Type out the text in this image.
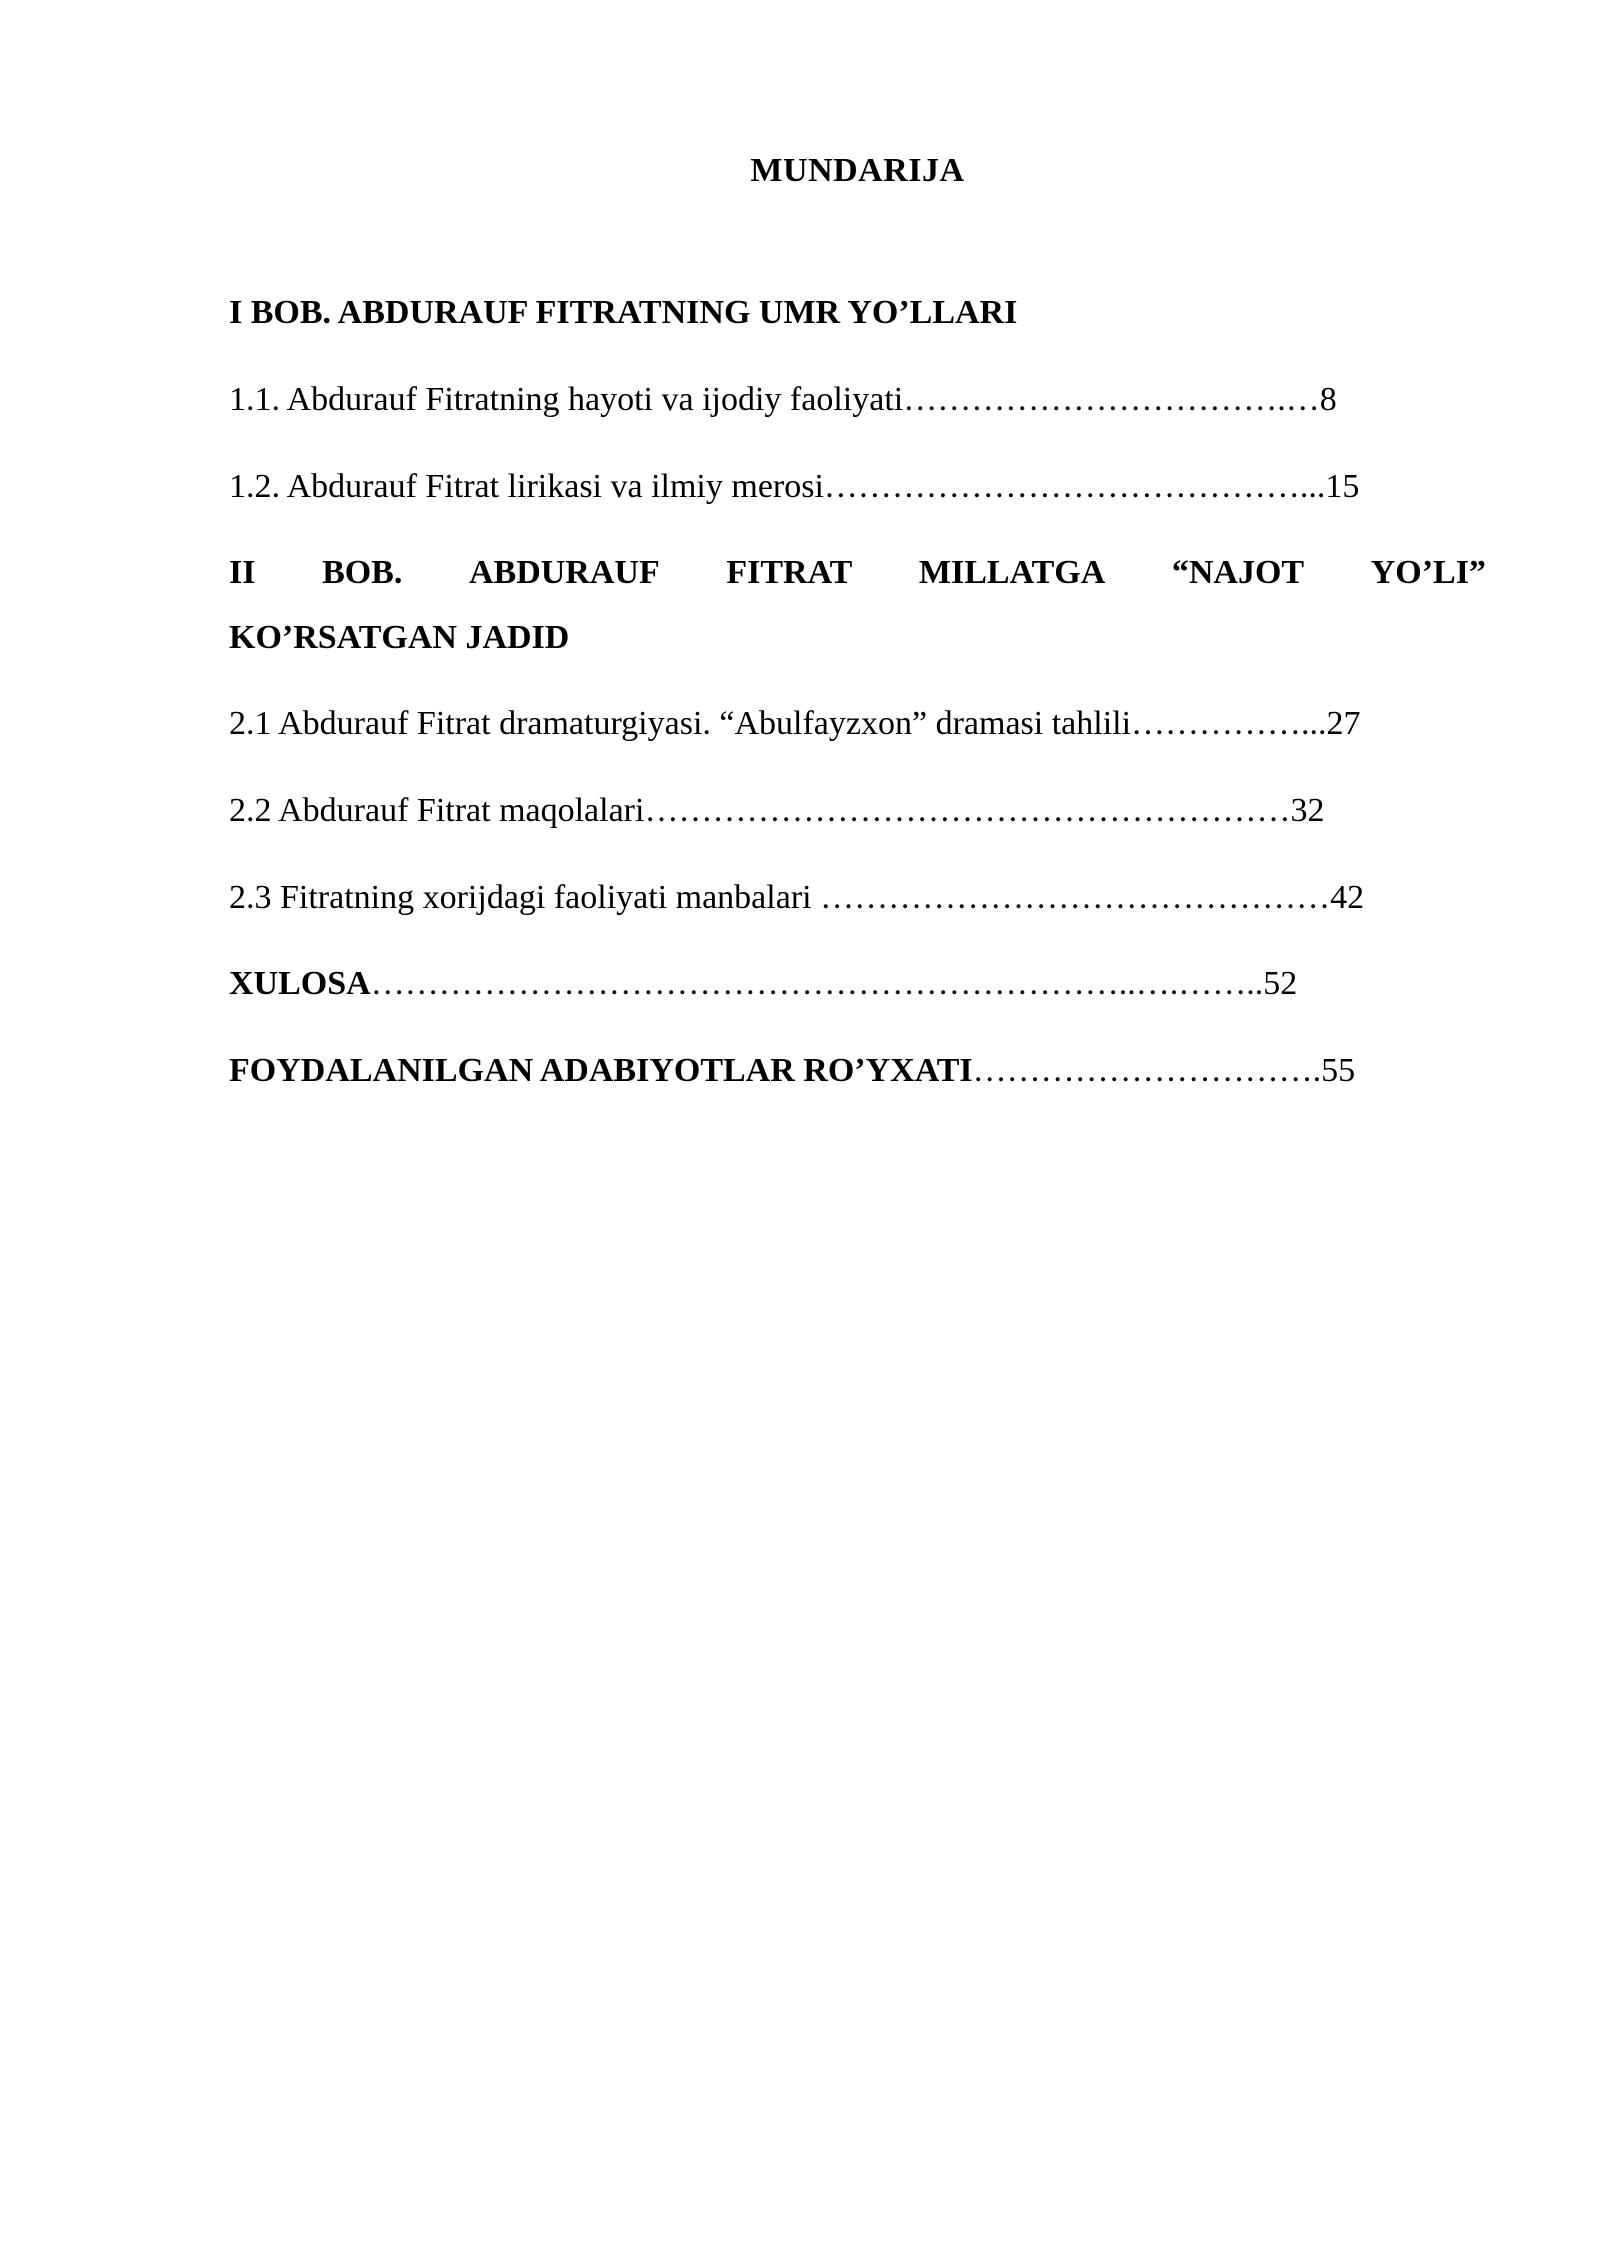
MUNDARIJA
I BOB. ABDURAUF FITRATNING UMR YO’LLARI
1.1. Abdurauf Fitratning hayoti va ijodiy faoliyati…………………………….…8
1.2. Abdurauf Fitrat lirikasi va ilmiy merosi……………………………………...15
II BOB. ABDURAUF FITRAT MILLATGA “NAJOT YO’LI”
KO’RSATGAN JADID
2.1 Abdurauf Fitrat dramaturgiyasi. “Abulfayzxon” dramasi tahlili……………...27
2.2 Abdurauf Fitrat maqolalari…………………………………………………32
2.3 Fitratning xorijdagi faoliyati manbalari ………………………………………42
XULOSA…………………………………………………………..….……..52
FOYDALANILGAN ADABIYOTLAR RO’YXATI………………………….55
